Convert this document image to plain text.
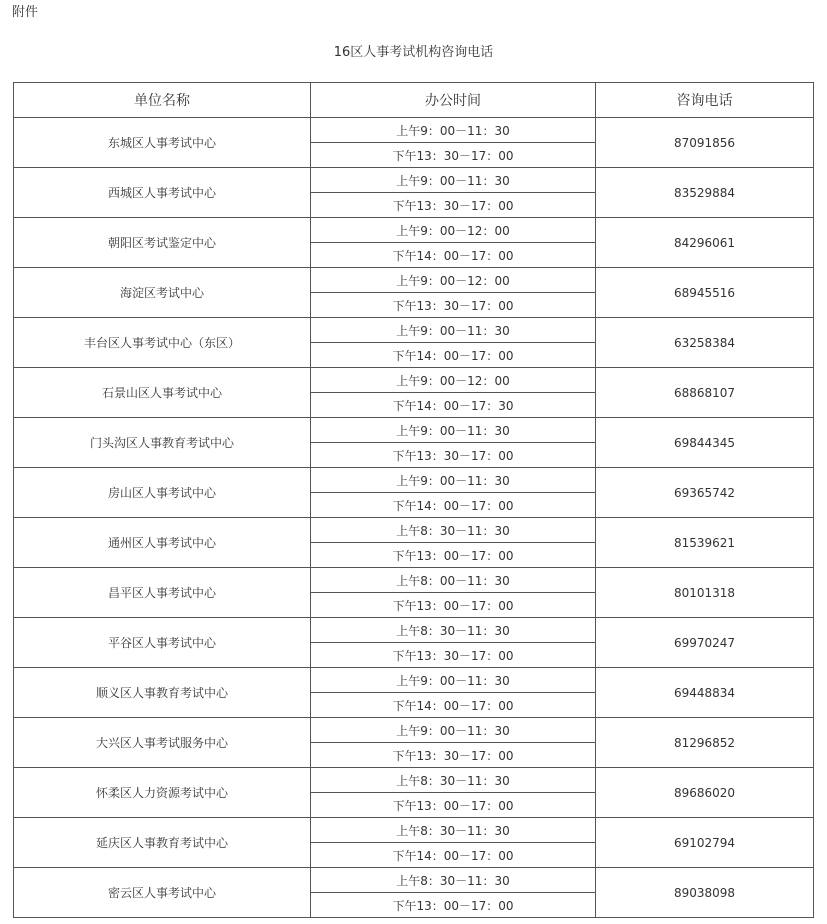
附件
16区人事考试机构咨询电话
单位名称	办公时间	咨询电话
东城区人事考试中心	上午9：00－11：30	87091856
	下午13：30－17：00	
西城区人事考试中心	上午9：00－11：30	83529884
	下午13：30－17：00	
朝阳区考试鉴定中心	上午9：00－12：00	84296061
	下午14：00－17：00	
海淀区考试中心	上午9：00－12：00	68945516
	下午13：30－17：00	
丰台区人事考试中心（东区）	上午9：00－11：30	63258384
	下午14：00－17：00	
石景山区人事考试中心	上午9：00－12：00	68868107
	下午14：00－17：30	
门头沟区人事教育考试中心	上午9：00－11：30	69844345
	下午13：30－17：00	
房山区人事考试中心	上午9：00－11：30	69365742
	下午14：00－17：00	
通州区人事考试中心	上午8：30－11：30	81539621
	下午13：00－17：00	
昌平区人事考试中心	上午8：00－11：30	80101318
	下午13：00－17：00	
平谷区人事考试中心	上午8：30－11：30	69970247
	下午13：30－17：00	
顺义区人事教育考试中心	上午9：00－11：30	69448834
	下午14：00－17：00	
大兴区人事考试服务中心	上午9：00－11：30	81296852
	下午13：30－17：00	
怀柔区人力资源考试中心	上午8：30－11：30	89686020
	下午13：00－17：00	
延庆区人事教育考试中心	上午8：30－11：30	69102794
	下午14：00－17：00	
密云区人事考试中心	上午8：30－11：30	89038098
	下午13：00－17：00	
